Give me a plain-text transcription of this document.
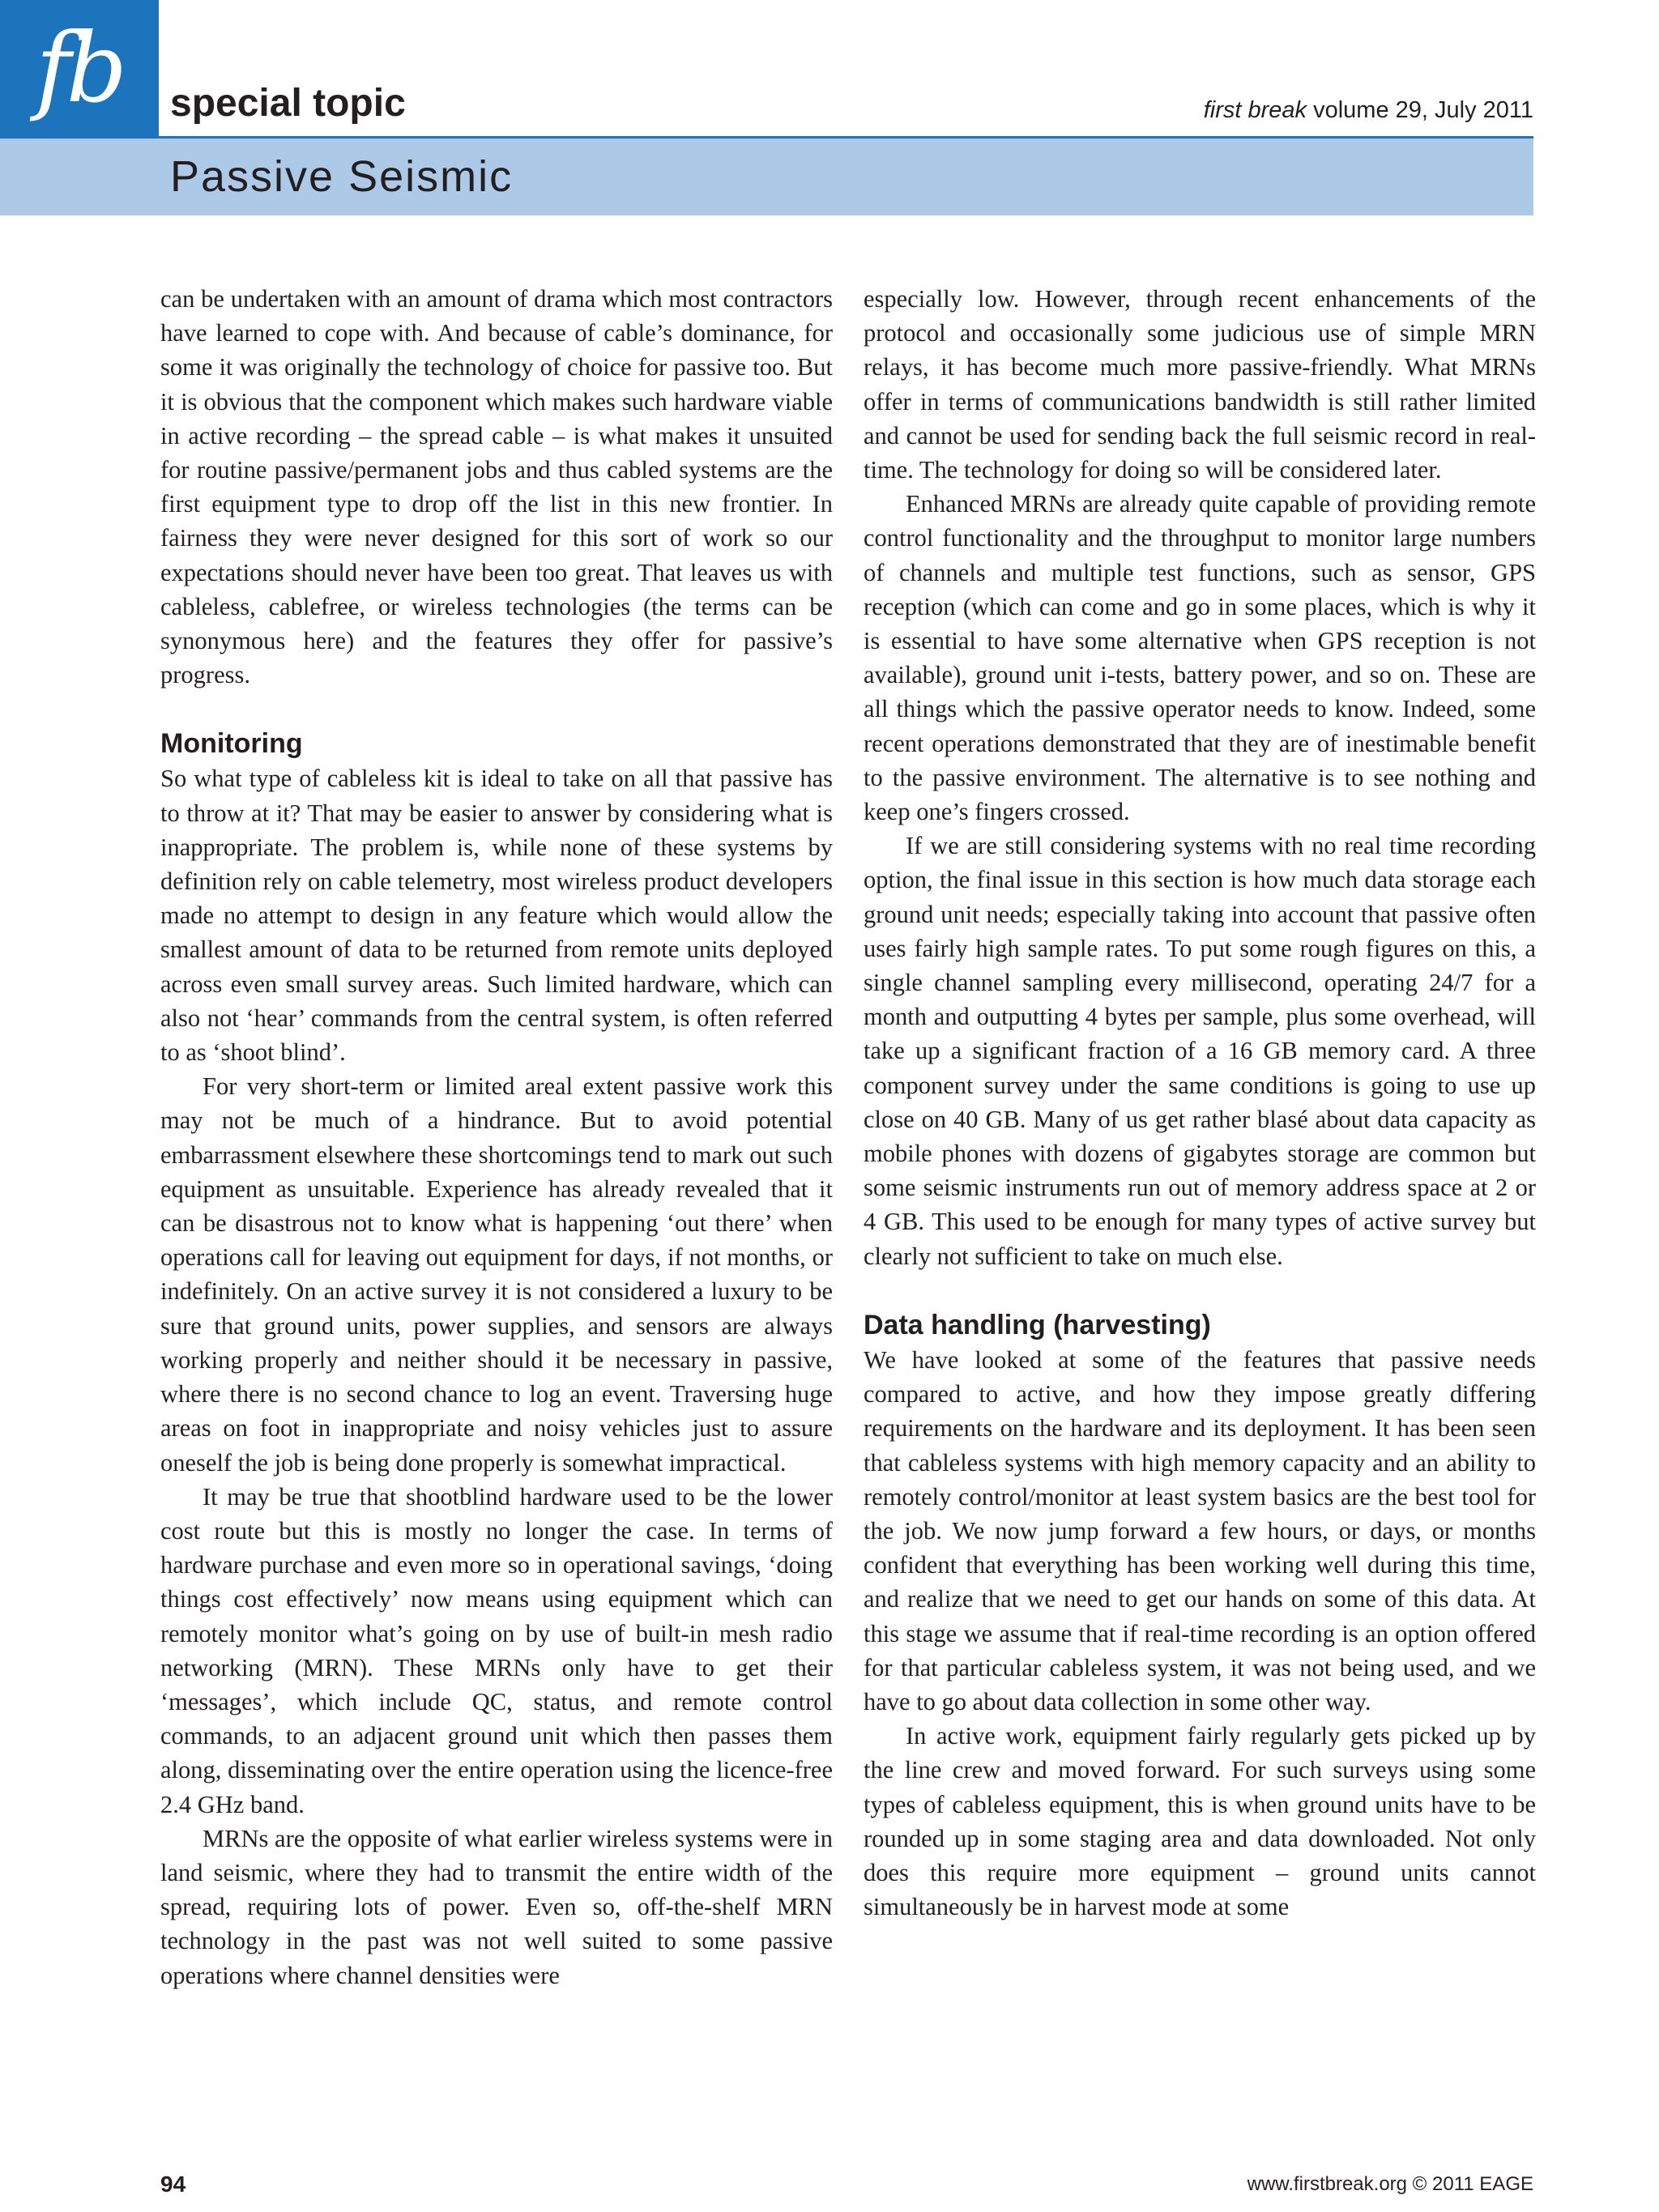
fb special topic	first break volume 29, July 2011
Passive Seismic

can be undertaken with an amount of drama which most contractors have learned to cope with. And because of cable’s dominance, for some it was originally the technology of choice for passive too. But it is obvious that the component which makes such hardware viable in active recording – the spread cable – is what makes it unsuited for routine passive/permanent jobs and thus cabled systems are the first equipment type to drop off the list in this new frontier. In fairness they were never designed for this sort of work so our expectations should never have been too great. That leaves us with cableless, cablefree, or wireless technologies (the terms can be synonymous here) and the features they offer for passive’s progress.

Monitoring

So what type of cableless kit is ideal to take on all that passive has to throw at it? That may be easier to answer by considering what is inappropriate. The problem is, while none of these systems by definition rely on cable telemetry, most wireless product developers made no attempt to design in any feature which would allow the smallest amount of data to be returned from remote units deployed across even small survey areas. Such limited hardware, which can also not ‘hear’ commands from the central system, is often referred to as ‘shoot blind’.

For very short-term or limited areal extent passive work this may not be much of a hindrance. But to avoid potential embarrassment elsewhere these shortcomings tend to mark out such equipment as unsuitable. Experience has already revealed that it can be disastrous not to know what is happening ‘out there’ when operations call for leaving out equipment for days, if not months, or indefinitely. On an active survey it is not considered a luxury to be sure that ground units, power supplies, and sensors are always working properly and neither should it be necessary in passive, where there is no second chance to log an event. Traversing huge areas on foot in inappropriate and noisy vehicles just to assure oneself the job is being done properly is somewhat impractical.

It may be true that shootblind hardware used to be the lower cost route but this is mostly no longer the case. In terms of hardware purchase and even more so in operational savings, ‘doing things cost effectively’ now means using equipment which can remotely monitor what’s going on by use of built-in mesh radio networking (MRN). These MRNs only have to get their ‘messages’, which include QC, status, and remote control commands, to an adjacent ground unit which then passes them along, disseminating over the entire operation using the licence-free 2.4 GHz band.

MRNs are the opposite of what earlier wireless systems were in land seismic, where they had to transmit the entire width of the spread, requiring lots of power. Even so, off-the-shelf MRN technology in the past was not well suited to some passive operations where channel densities were

especially low. However, through recent enhancements of the protocol and occasionally some judicious use of simple MRN relays, it has become much more passive-friendly. What MRNs offer in terms of communications bandwidth is still rather limited and cannot be used for sending back the full seismic record in real-time. The technology for doing so will be considered later.

Enhanced MRNs are already quite capable of providing remote control functionality and the throughput to monitor large numbers of channels and multiple test functions, such as sensor, GPS reception (which can come and go in some places, which is why it is essential to have some alternative when GPS reception is not available), ground unit i-tests, battery power, and so on. These are all things which the passive operator needs to know. Indeed, some recent operations demonstrated that they are of inestimable benefit to the passive environment. The alternative is to see nothing and keep one’s fingers crossed.

If we are still considering systems with no real time recording option, the final issue in this section is how much data storage each ground unit needs; especially taking into account that passive often uses fairly high sample rates. To put some rough figures on this, a single channel sampling every millisecond, operating 24/7 for a month and outputting 4 bytes per sample, plus some overhead, will take up a significant fraction of a 16 GB memory card. A three component survey under the same conditions is going to use up close on 40 GB. Many of us get rather blasé about data capacity as mobile phones with dozens of gigabytes storage are common but some seismic instruments run out of memory address space at 2 or 4 GB. This used to be enough for many types of active survey but clearly not sufficient to take on much else.

Data handling (harvesting)

We have looked at some of the features that passive needs compared to active, and how they impose greatly differing requirements on the hardware and its deployment. It has been seen that cableless systems with high memory capacity and an ability to remotely control/monitor at least system basics are the best tool for the job. We now jump forward a few hours, or days, or months confident that everything has been working well during this time, and realize that we need to get our hands on some of this data. At this stage we assume that if real-time recording is an option offered for that particular cableless system, it was not being used, and we have to go about data collection in some other way.

In active work, equipment fairly regularly gets picked up by the line crew and moved forward. For such surveys using some types of cableless equipment, this is when ground units have to be rounded up in some staging area and data downloaded. Not only does this require more equipment – ground units cannot simultaneously be in harvest mode at some

94	www.firstbreak.org © 2011 EAGE
